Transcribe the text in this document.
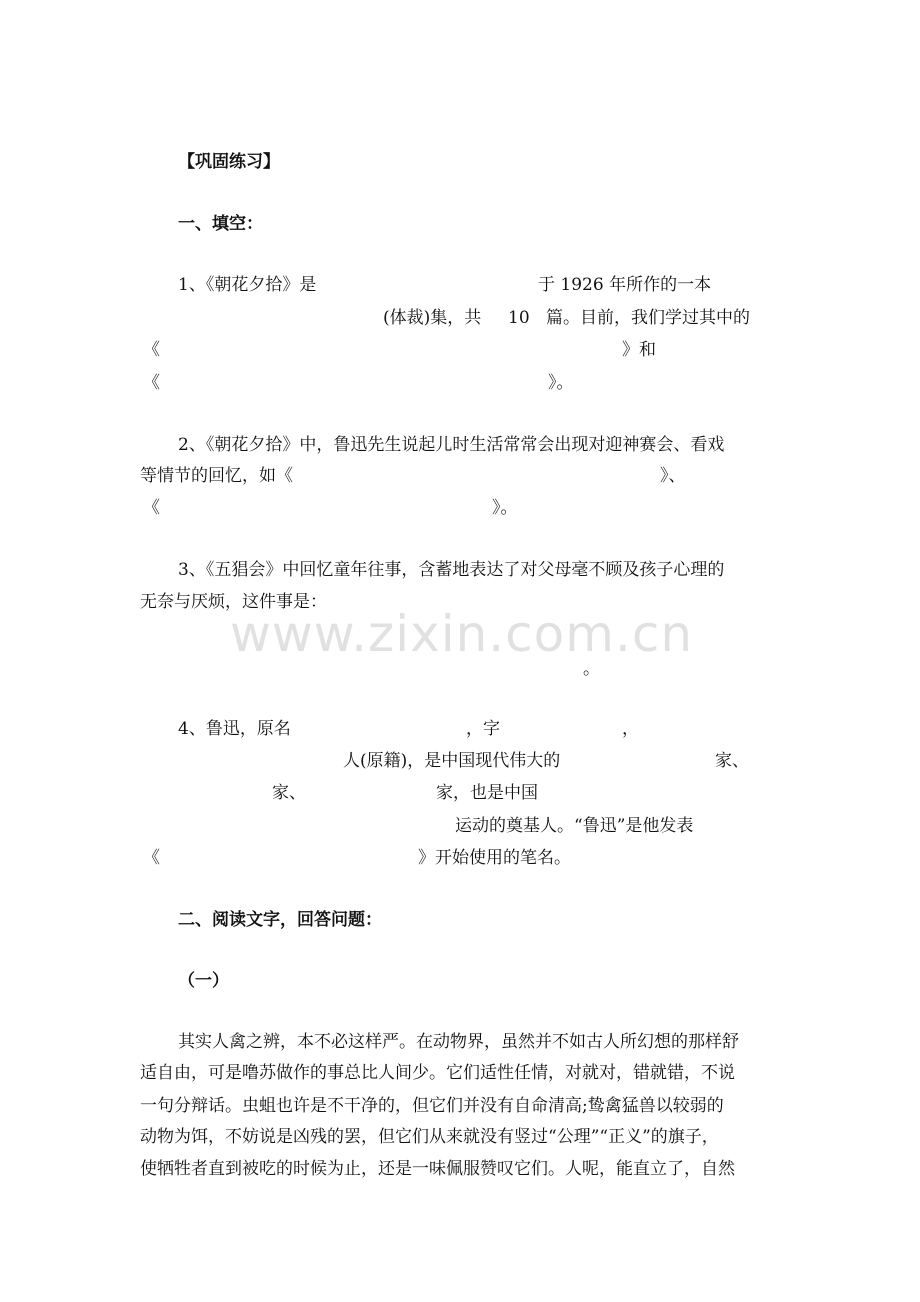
www.zixin.com.cn
【巩固练习】
一、填空：
1、《朝花夕拾》是	于 1926 年所作的一本
(体裁)集，共 10 篇。目前，我们学过其中的
《	》和
《	》。
2、《朝花夕拾》中，鲁迅先生说起儿时生活常常会出现对迎神赛会、看戏
等情节的回忆，如《	》、
《	》。
3、《五猖会》中回忆童年往事，含蓄地表达了对父母毫不顾及孩子心理的
无奈与厌烦，这件事是：
。
4、鲁迅，原名	，字	，
人(原籍)，是中国现代伟大的	家、
家、	家，也是中国
运动的奠基人。“鲁迅”是他发表
《	》开始使用的笔名。
二、阅读文字，回答问题：
（一）
其实人禽之辨，本不必这样严。在动物界，虽然并不如古人所幻想的那样舒
适自由，可是噜苏做作的事总比人间少。它们适性任情，对就对，错就错，不说
一句分辩话。虫蛆也许是不干净的，但它们并没有自命清高;鸷禽猛兽以较弱的
动物为饵，不妨说是凶残的罢，但它们从来就没有竖过“公理”“正义”的旗子，
使牺牲者直到被吃的时候为止，还是一味佩服赞叹它们。人呢，能直立了，自然
